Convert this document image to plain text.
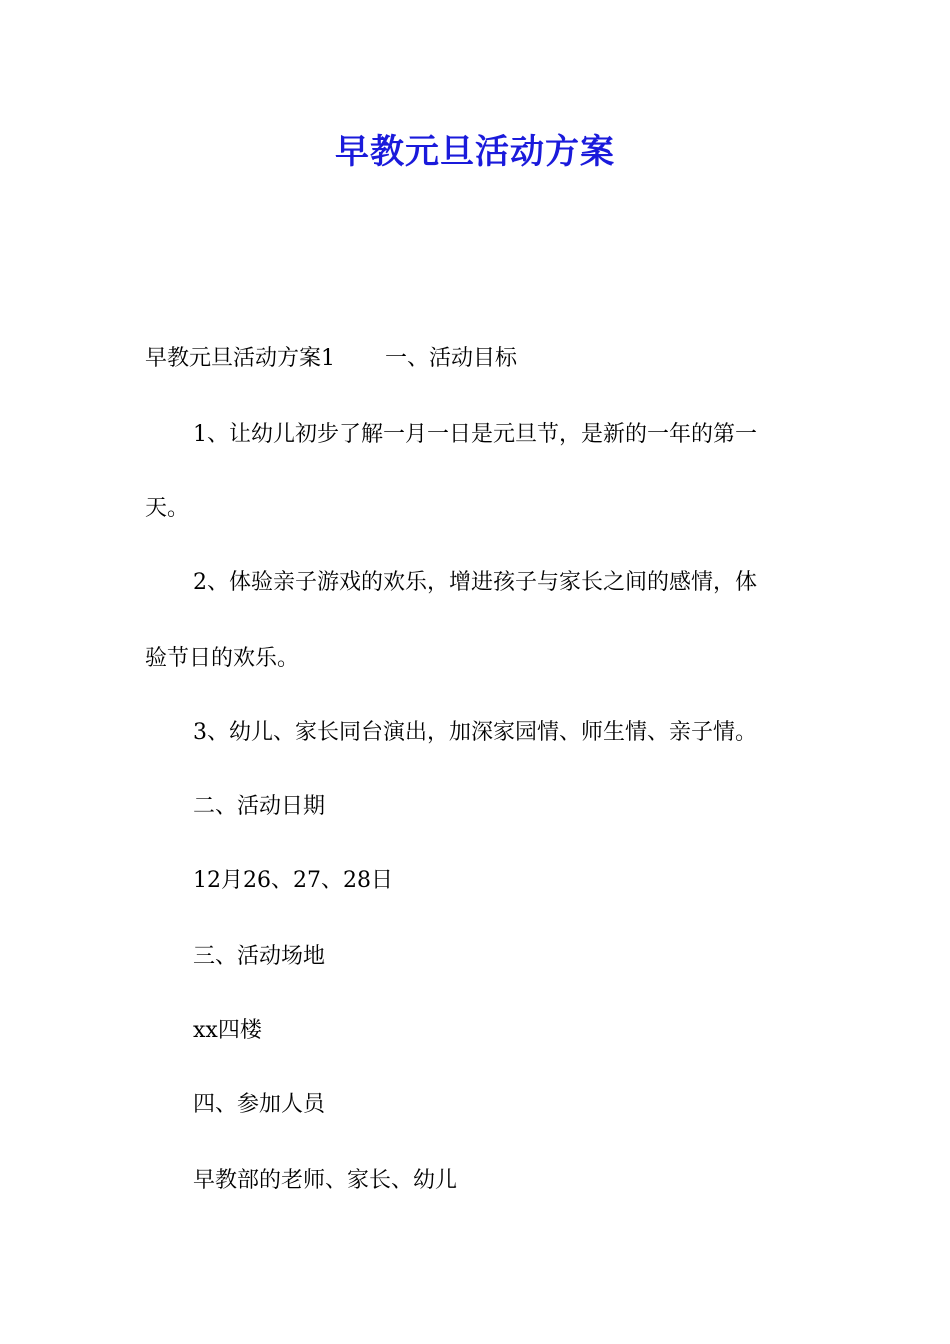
早教元旦活动方案

早教元旦活动方案1 一、活动目标

1、让幼儿初步了解一月一日是元旦节，是新的一年的第一

天。

2、体验亲子游戏的欢乐，增进孩子与家长之间的感情，体

验节日的欢乐。

3、幼儿、家长同台演出，加深家园情、师生情、亲子情。

二、活动日期

12月26、27、28日

三、活动场地

xx四楼

四、参加人员

早教部的老师、家长、幼儿
